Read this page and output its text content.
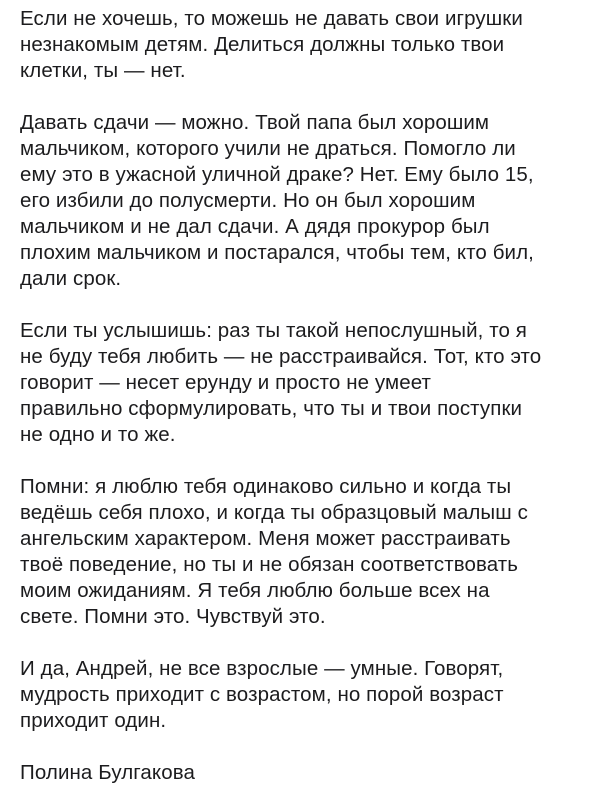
Если не хочешь, то можешь не давать свои игрушки
незнакомым детям. Делиться должны только твои
клетки, ты — нет.
Давать сдачи — можно. Твой папа был хорошим
мальчиком, которого учили не драться. Помогло ли
ему это в ужасной уличной драке? Нет. Ему было 15,
его избили до полусмерти. Но он был хорошим
мальчиком и не дал сдачи. А дядя прокурор был
плохим мальчиком и постарался, чтобы тем, кто бил,
дали срок.
Если ты услышишь: раз ты такой непослушный, то я
не буду тебя любить — не расстраивайся. Тот, кто это
говорит — несет ерунду и просто не умеет
правильно сформулировать, что ты и твои поступки
не одно и то же.
Помни: я люблю тебя одинаково сильно и когда ты
ведёшь себя плохо, и когда ты образцовый малыш с
ангельским характером. Меня может расстраивать
твоё поведение, но ты и не обязан соответствовать
моим ожиданиям. Я тебя люблю больше всех на
свете. Помни это. Чувствуй это.
И да, Андрей, не все взрослые — умные. Говорят,
мудрость приходит с возрастом, но порой возраст
приходит один.
Полина Булгакова
